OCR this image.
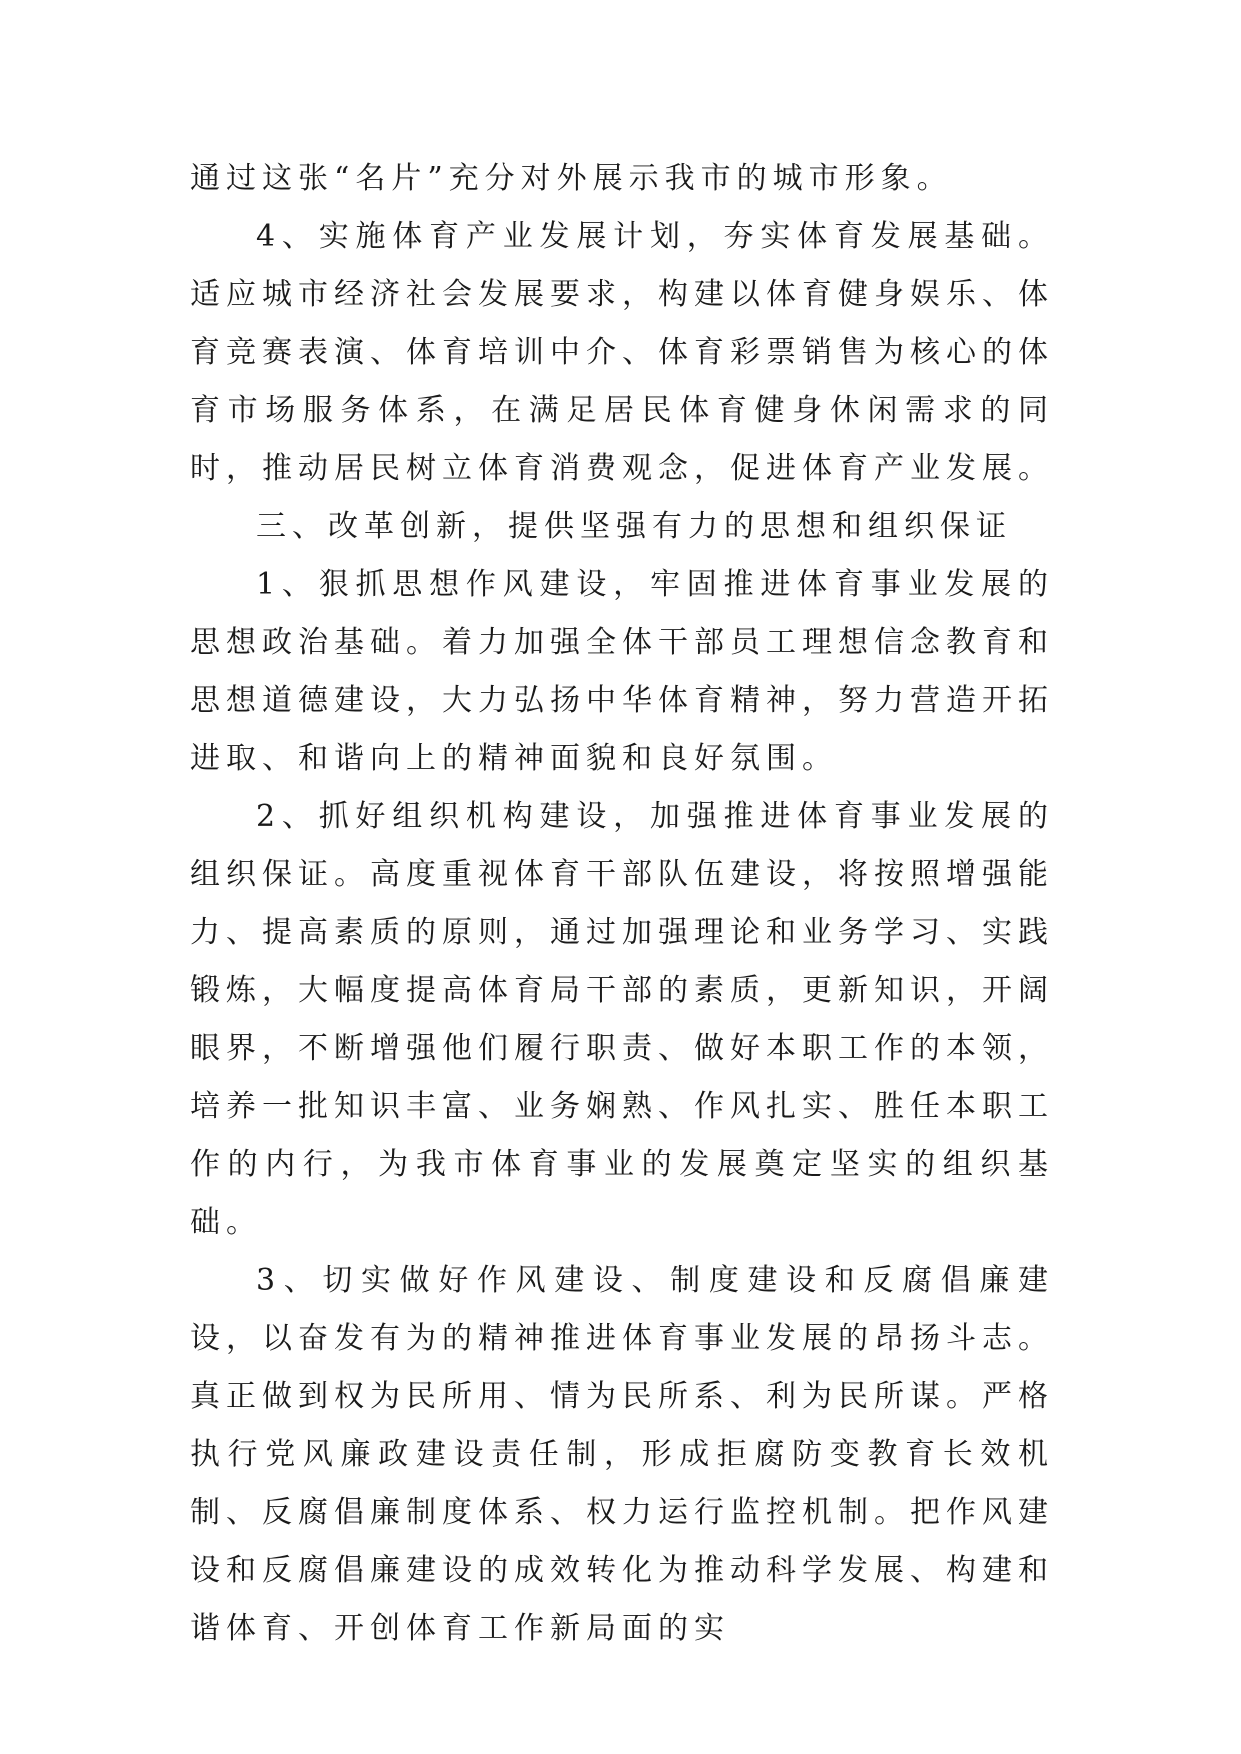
通过这张“名片”充分对外展示我市的城市形象。

4、实施体育产业发展计划，夯实体育发展基础。适应城市经济社会发展要求，构建以体育健身娱乐、体育竞赛表演、体育培训中介、体育彩票销售为核心的体育市场服务体系，在满足居民体育健身休闲需求的同时，推动居民树立体育消费观念，促进体育产业发展。

三、改革创新，提供坚强有力的思想和组织保证

1、狠抓思想作风建设，牢固推进体育事业发展的思想政治基础。着力加强全体干部员工理想信念教育和思想道德建设，大力弘扬中华体育精神，努力营造开拓进取、和谐向上的精神面貌和良好氛围。

2、抓好组织机构建设，加强推进体育事业发展的组织保证。高度重视体育干部队伍建设，将按照增强能力、提高素质的原则，通过加强理论和业务学习、实践锻炼，大幅度提高体育局干部的素质，更新知识，开阔眼界，不断增强他们履行职责、做好本职工作的本领，培养一批知识丰富、业务娴熟、作风扎实、胜任本职工作的内行，为我市体育事业的发展奠定坚实的组织基础。

3、切实做好作风建设、制度建设和反腐倡廉建设，以奋发有为的精神推进体育事业发展的昂扬斗志。真正做到权为民所用、情为民所系、利为民所谋。严格执行党风廉政建设责任制，形成拒腐防变教育长效机制、反腐倡廉制度体系、权力运行监控机制。把作风建设和反腐倡廉建设的成效转化为推动科学发展、构建和谐体育、开创体育工作新局面的实
